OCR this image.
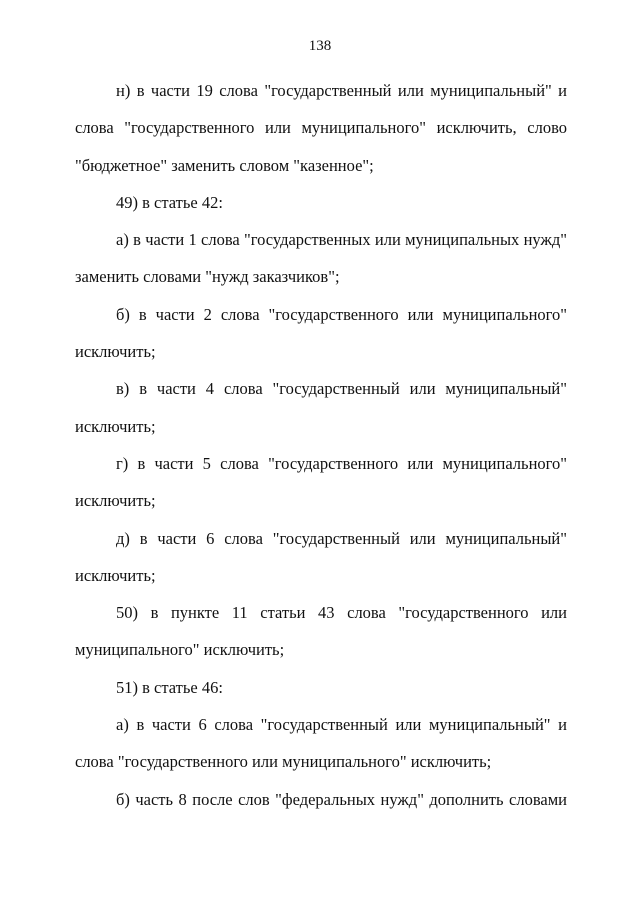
138

н) в части 19 слова "государственный или муниципальный" и слова "государственного или муниципального" исключить, слово "бюджетное" заменить словом "казенное";

49) в статье 42:

а) в части 1 слова "государственных или муниципальных нужд" заменить словами "нужд заказчиков";

б) в части 2 слова "государственного или муниципального" исключить;

в) в части 4 слова "государственный или муниципальный" исключить;

г) в части 5 слова "государственного или муниципального" исключить;

д) в части 6 слова "государственный или муниципальный" исключить;

50) в пункте 11 статьи 43 слова "государственного или муниципального" исключить;

51) в статье 46:

а) в части 6 слова "государственный или муниципальный" и слова "государственного или муниципального" исключить;

б) часть 8 после слов "федеральных нужд" дополнить словами
